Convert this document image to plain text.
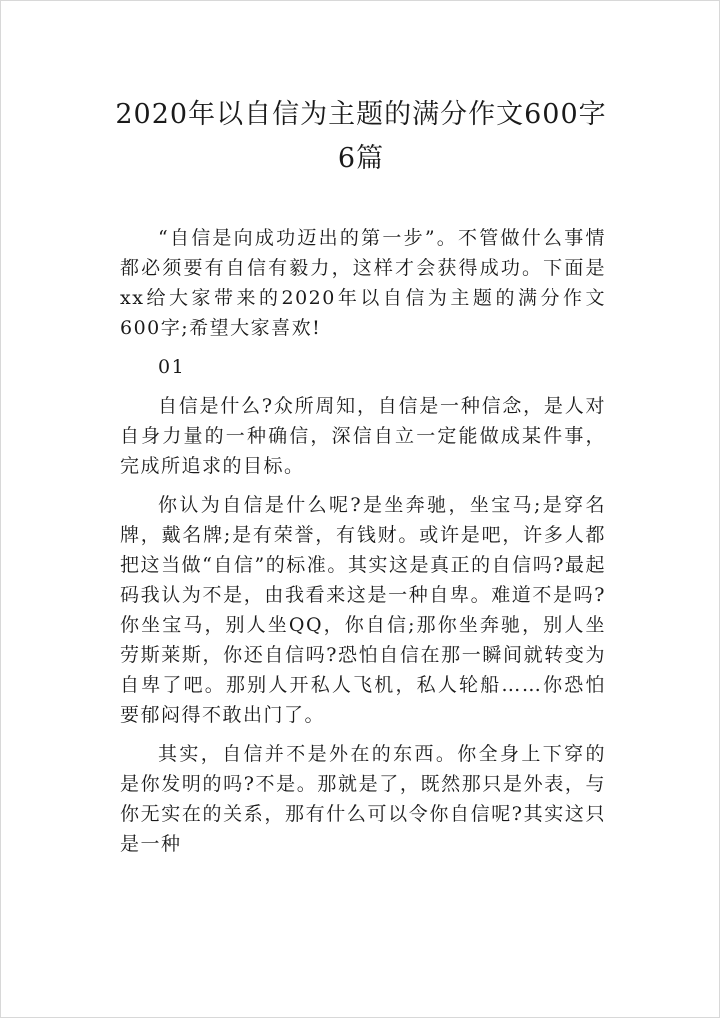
2020年以自信为主题的满分作文600字
6篇

“自信是向成功迈出的第一步”。不管做什么事情都必须要有自信有毅力，这样才会获得成功。下面是xx给大家带来的2020年以自信为主题的满分作文600字;希望大家喜欢!

01

自信是什么?众所周知，自信是一种信念，是人对自身力量的一种确信，深信自立一定能做成某件事，完成所追求的目标。

你认为自信是什么呢?是坐奔驰，坐宝马;是穿名牌，戴名牌;是有荣誉，有钱财。或许是吧，许多人都把这当做“自信”的标准。其实这是真正的自信吗?最起码我认为不是，由我看来这是一种自卑。难道不是吗?你坐宝马，别人坐QQ，你自信;那你坐奔驰，别人坐劳斯莱斯，你还自信吗?恐怕自信在那一瞬间就转变为自卑了吧。那别人开私人飞机，私人轮船……你恐怕要郁闷得不敢出门了。

其实，自信并不是外在的东西。你全身上下穿的是你发明的吗?不是。那就是了，既然那只是外表，与你无实在的关系，那有什么可以令你自信呢?其实这只是一种
